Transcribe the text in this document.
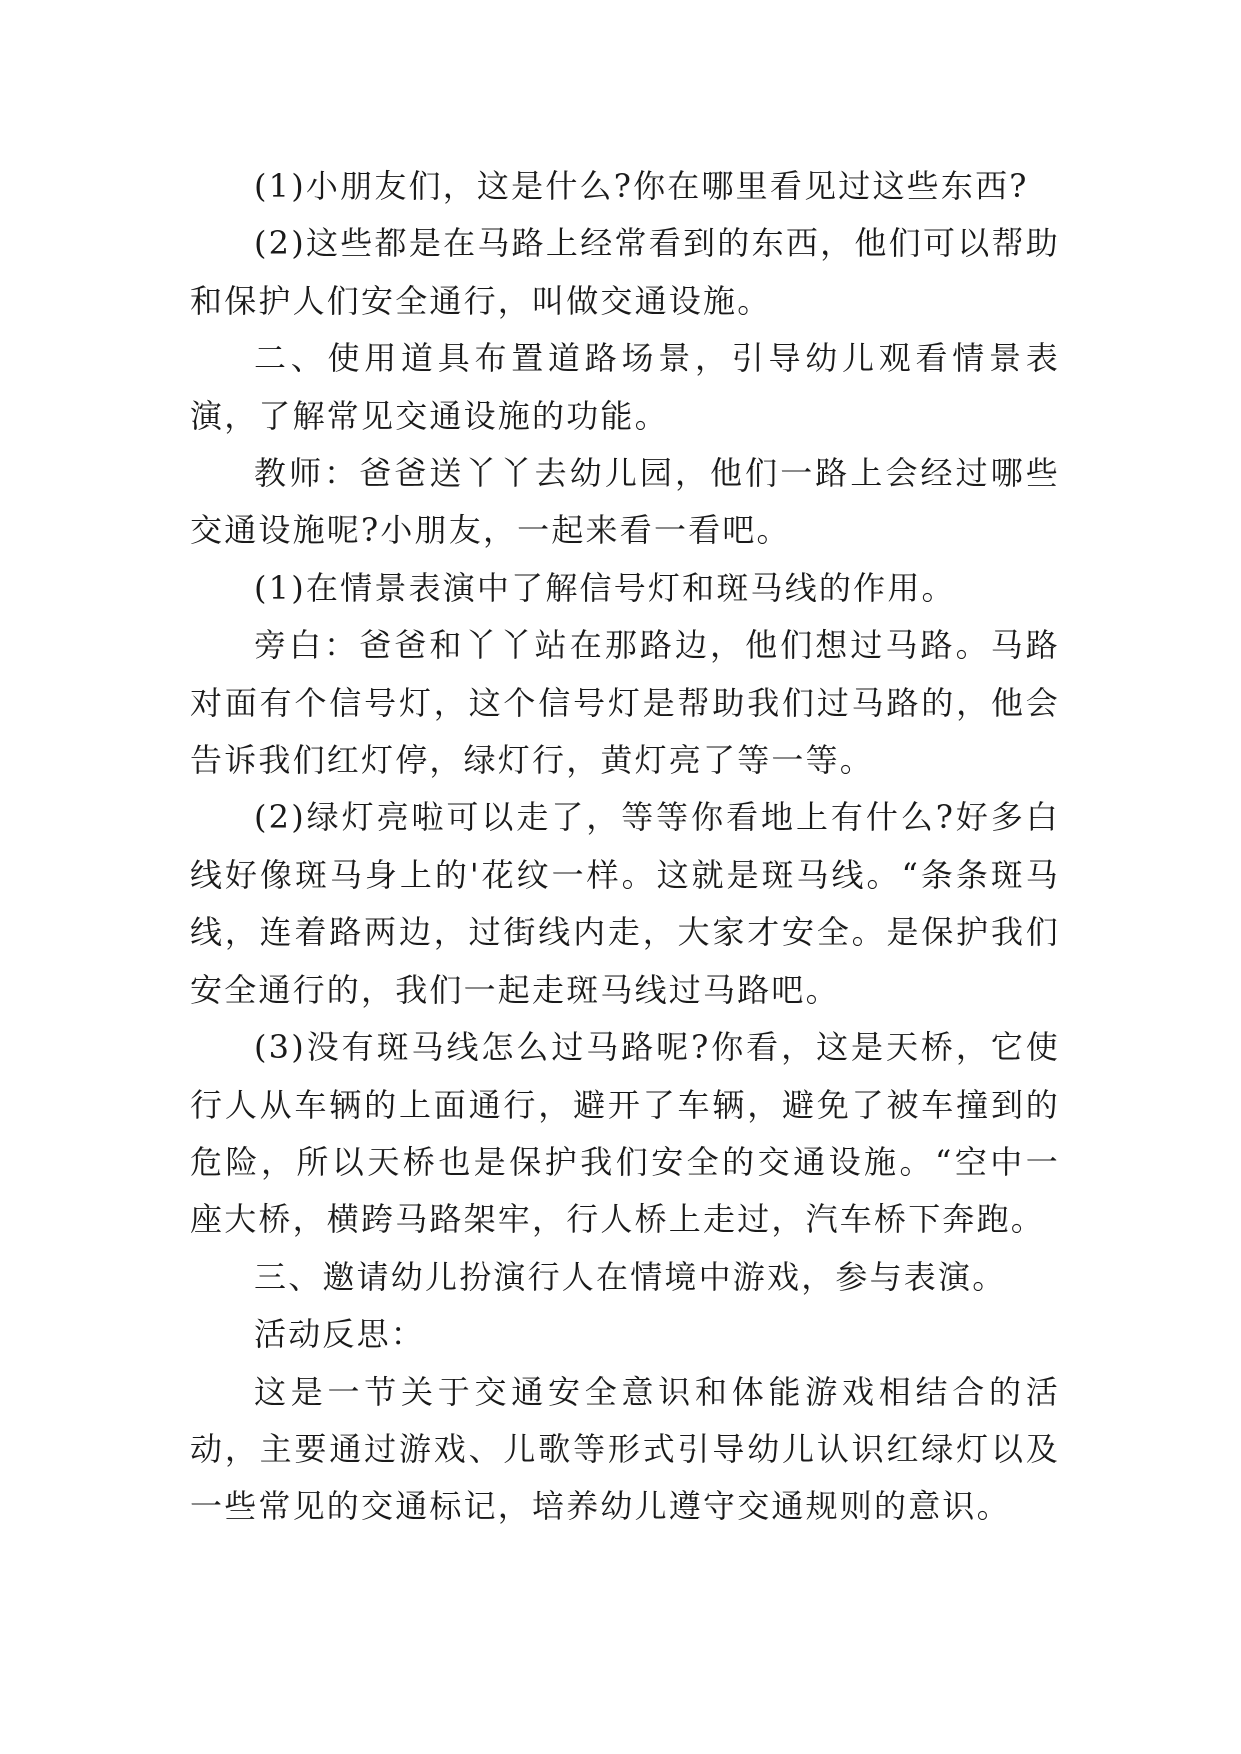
(1)小朋友们，这是什么?你在哪里看见过这些东西?

(2)这些都是在马路上经常看到的东西，他们可以帮助和保护人们安全通行，叫做交通设施。

二、使用道具布置道路场景，引导幼儿观看情景表演，了解常见交通设施的功能。

教师：爸爸送丫丫去幼儿园，他们一路上会经过哪些交通设施呢?小朋友，一起来看一看吧。

(1)在情景表演中了解信号灯和斑马线的作用。

旁白：爸爸和丫丫站在那路边，他们想过马路。马路对面有个信号灯，这个信号灯是帮助我们过马路的，他会告诉我们红灯停，绿灯行，黄灯亮了等一等。

(2)绿灯亮啦可以走了，等等你看地上有什么?好多白线好像斑马身上的'花纹一样。这就是斑马线。“条条斑马线，连着路两边，过街线内走，大家才安全。是保护我们安全通行的，我们一起走斑马线过马路吧。

(3)没有斑马线怎么过马路呢?你看，这是天桥，它使行人从车辆的上面通行，避开了车辆，避免了被车撞到的危险，所以天桥也是保护我们安全的交通设施。“空中一座大桥，横跨马路架牢，行人桥上走过，汽车桥下奔跑。

三、邀请幼儿扮演行人在情境中游戏，参与表演。

活动反思：

这是一节关于交通安全意识和体能游戏相结合的活动，主要通过游戏、儿歌等形式引导幼儿认识红绿灯以及一些常见的交通标记，培养幼儿遵守交通规则的意识。
